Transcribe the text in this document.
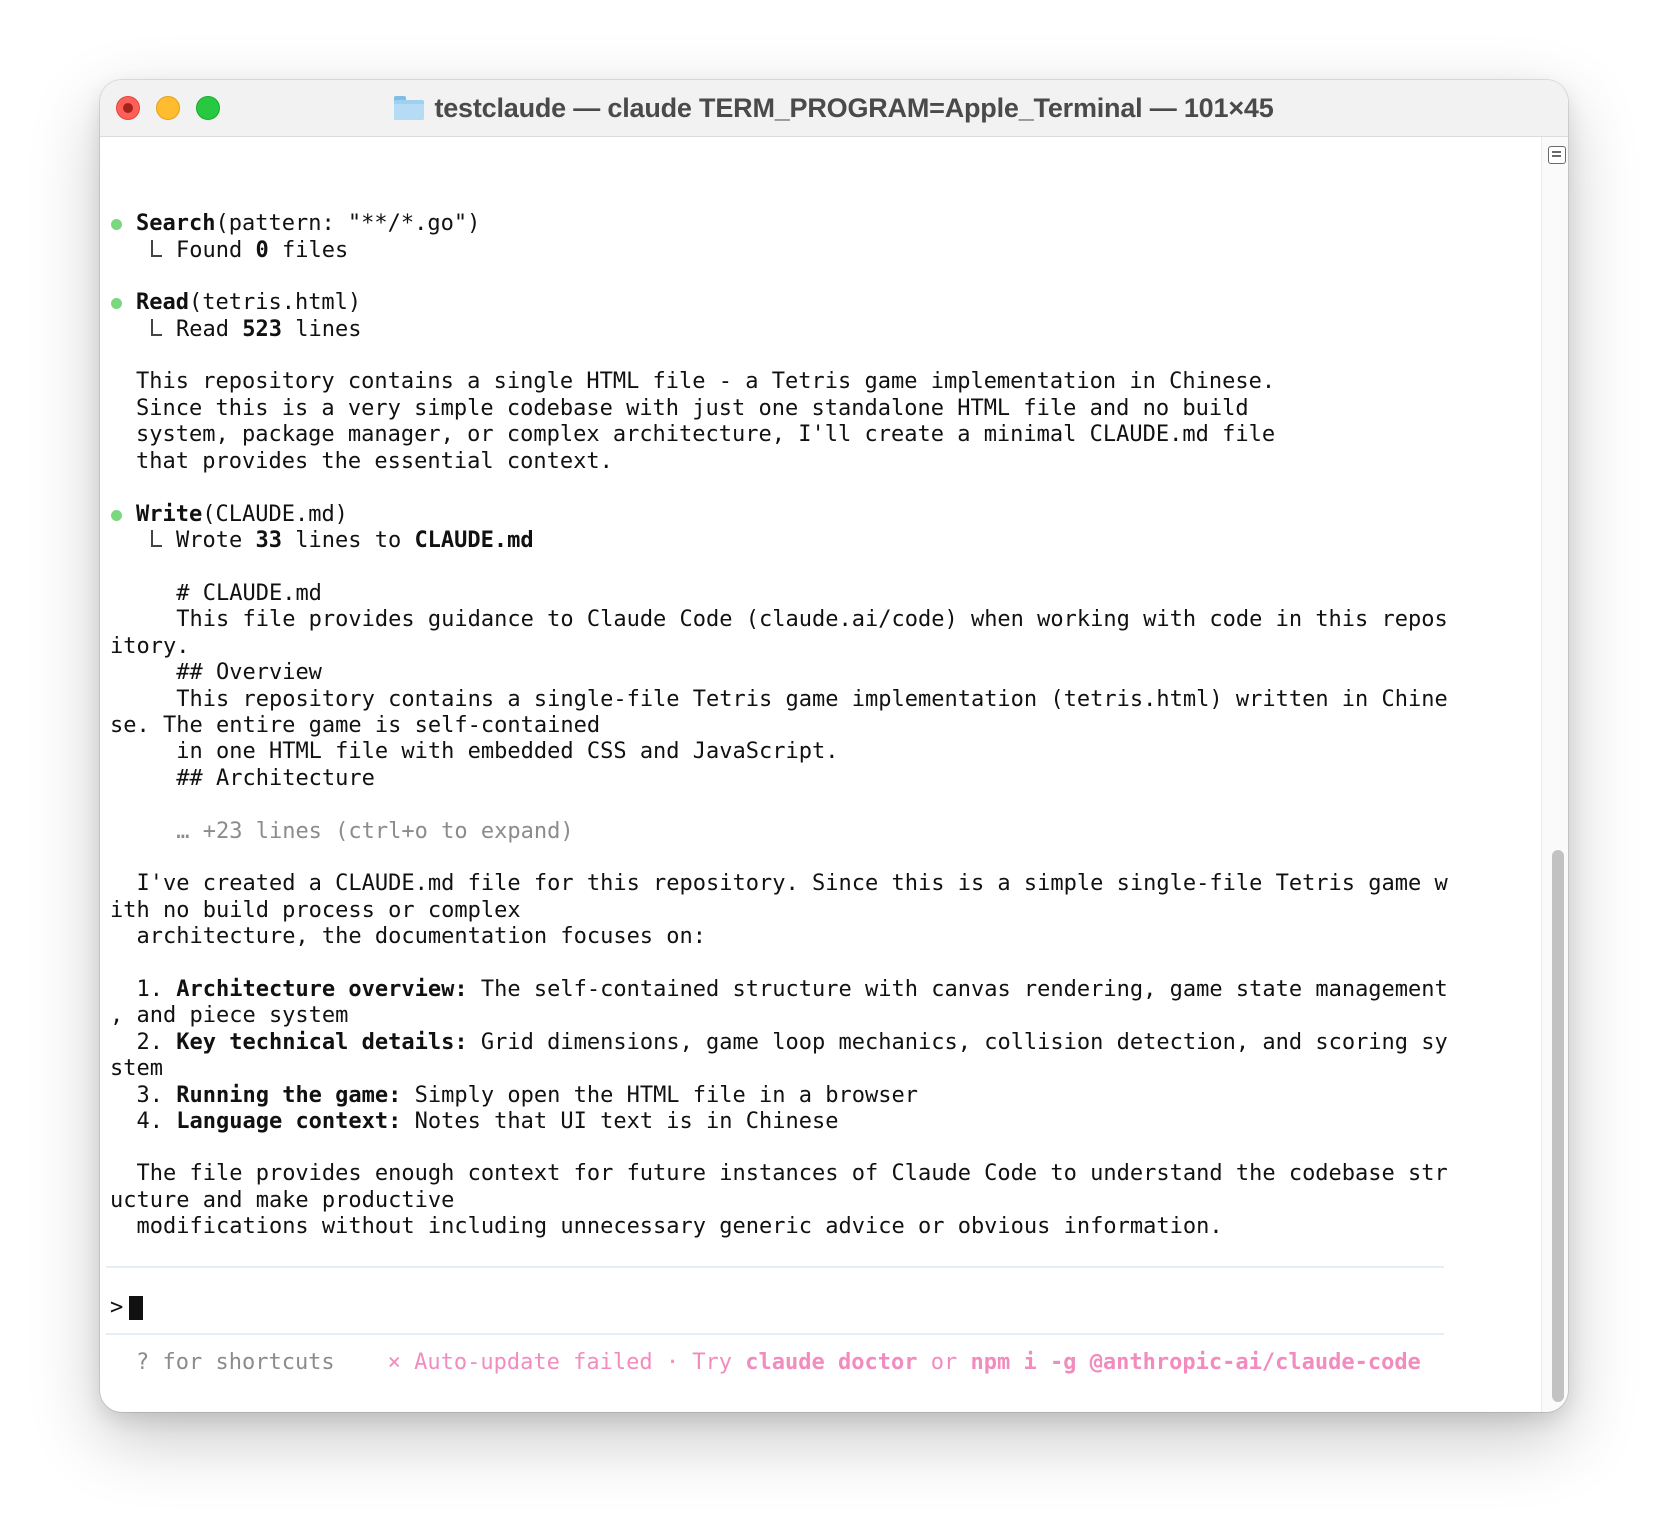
testclaude — claude TERM_PROGRAM=Apple_Terminal — 101×45
Search(pattern: "**/*.go")
Found 0 files
Read(tetris.html)
Read 523 lines
This repository contains a single HTML file - a Tetris game implementation in Chinese.
Since this is a very simple codebase with just one standalone HTML file and no build
system, package manager, or complex architecture, I'll create a minimal CLAUDE.md file
that provides the essential context.
Write(CLAUDE.md)
Wrote 33 lines to CLAUDE.md
# CLAUDE.md
This file provides guidance to Claude Code (claude.ai/code) when working with code in this repos
itory.
## Overview
This repository contains a single-file Tetris game implementation (tetris.html) written in Chine
se. The entire game is self-contained
in one HTML file with embedded CSS and JavaScript.
## Architecture
… +23 lines (ctrl+o to expand)
I've created a CLAUDE.md file for this repository. Since this is a simple single-file Tetris game w
ith no build process or complex
architecture, the documentation focuses on:
1. Architecture overview: The self-contained structure with canvas rendering, game state management
, and piece system
2. Key technical details: Grid dimensions, game loop mechanics, collision detection, and scoring sy
stem
3. Running the game: Simply open the HTML file in a browser
4. Language context: Notes that UI text is in Chinese
The file provides enough context for future instances of Claude Code to understand the codebase str
ucture and make productive
modifications without including unnecessary generic advice or obvious information.
>
? for shortcuts × Auto-update failed · Try claude doctor or npm i -g @anthropic-ai/claude-code
